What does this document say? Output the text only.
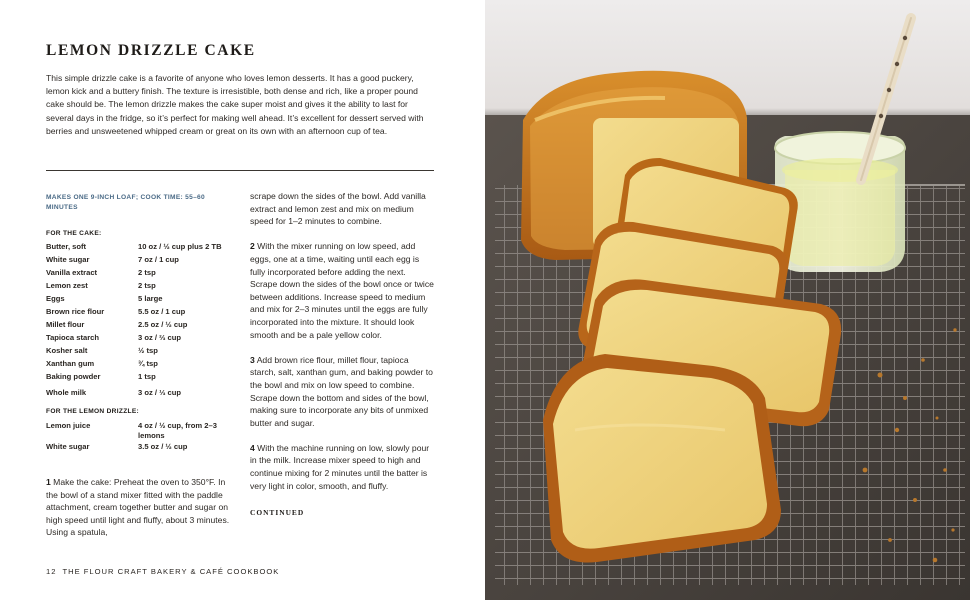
LEMON DRIZZLE CAKE

This simple drizzle cake is a favorite of anyone who loves lemon desserts. It has a good puckery, lemon kick and a buttery finish. The texture is irresistible, both dense and rich, like a proper pound cake should be. The lemon drizzle makes the cake super moist and gives it the ability to last for several days in the fridge, so it’s perfect for making well ahead. It’s excellent for dessert served with berries and unsweetened whipped cream or great on its own with an afternoon cup of tea.

MAKES ONE 9-INCH LOAF; COOK TIME: 55–60 MINUTES
FOR THE CAKE:
Butter, soft	10 oz / ½ cup plus 2 TB
White sugar	7 oz / 1 cup
Vanilla extract	2 tsp
Lemon zest	2 tsp
Eggs	5 large
Brown rice flour	5.5 oz / 1 cup
Millet flour	2.5 oz / ½ cup
Tapioca starch	3 oz / ⅔ cup
Kosher salt	½ tsp
Xanthan gum	¾ tsp
Baking powder	1 tsp
Whole milk	3 oz / ⅓ cup
FOR THE LEMON DRIZZLE:
Lemon juice	4 oz / ½ cup, from 2–3 lemons
White sugar	3.5 oz / ½ cup

1 Make the cake: Preheat the oven to 350°F. In the bowl of a stand mixer fitted with the paddle attachment, cream together butter and sugar on high speed until light and fluffy, about 3 minutes. Using a spatula,

scrape down the sides of the bowl. Add vanilla extract and lemon zest and mix on medium speed for 1–2 minutes to combine.

2 With the mixer running on low speed, add eggs, one at a time, waiting until each egg is fully incorporated before adding the next. Scrape down the sides of the bowl once or twice between additions. Increase speed to medium and mix for 2–3 minutes until the eggs are fully incorporated into the mixture. It should look smooth and be a pale yellow color.

3 Add brown rice flour, millet flour, tapioca starch, salt, xanthan gum, and baking powder to the bowl and mix on low speed to combine. Scrape down the bottom and sides of the bowl, making sure to incorporate any bits of unmixed butter and sugar.

4 With the machine running on low, slowly pour in the milk. Increase mixer speed to high and continue mixing for 2 minutes until the batter is very light in color, smooth, and fluffy.

CONTINUED
12 THE FLOUR CRAFT BAKERY & CAFÉ COOKBOOK
